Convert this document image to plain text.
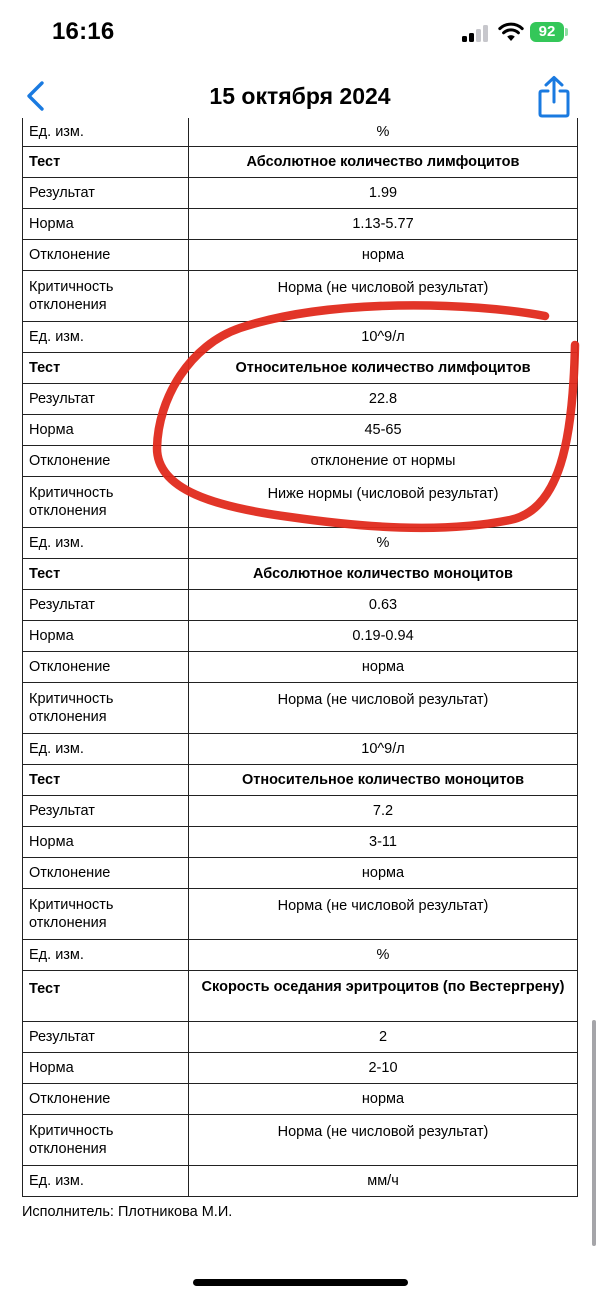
16:16	92
15 октября 2024
Ед. изм.	%
Тест	Абсолютное количество лимфоцитов
Результат	1.99
Норма	1.13-5.77
Отклонение	норма
Критичность отклонения	Норма (не числовой результат)
Ед. изм.	10^9/л
Тест	Относительное количество лимфоцитов
Результат	22.8
Норма	45-65
Отклонение	отклонение от нормы
Критичность отклонения	Ниже нормы (числовой результат)
Ед. изм.	%
Тест	Абсолютное количество моноцитов
Результат	0.63
Норма	0.19-0.94
Отклонение	норма
Критичность отклонения	Норма (не числовой результат)
Ед. изм.	10^9/л
Тест	Относительное количество моноцитов
Результат	7.2
Норма	3-11
Отклонение	норма
Критичность отклонения	Норма (не числовой результат)
Ед. изм.	%
Тест	Скорость оседания эритроцитов (по Вестергрену)
Результат	2
Норма	2-10
Отклонение	норма
Критичность отклонения	Норма (не числовой результат)
Ед. изм.	мм/ч
Исполнитель: Плотникова М.И.
